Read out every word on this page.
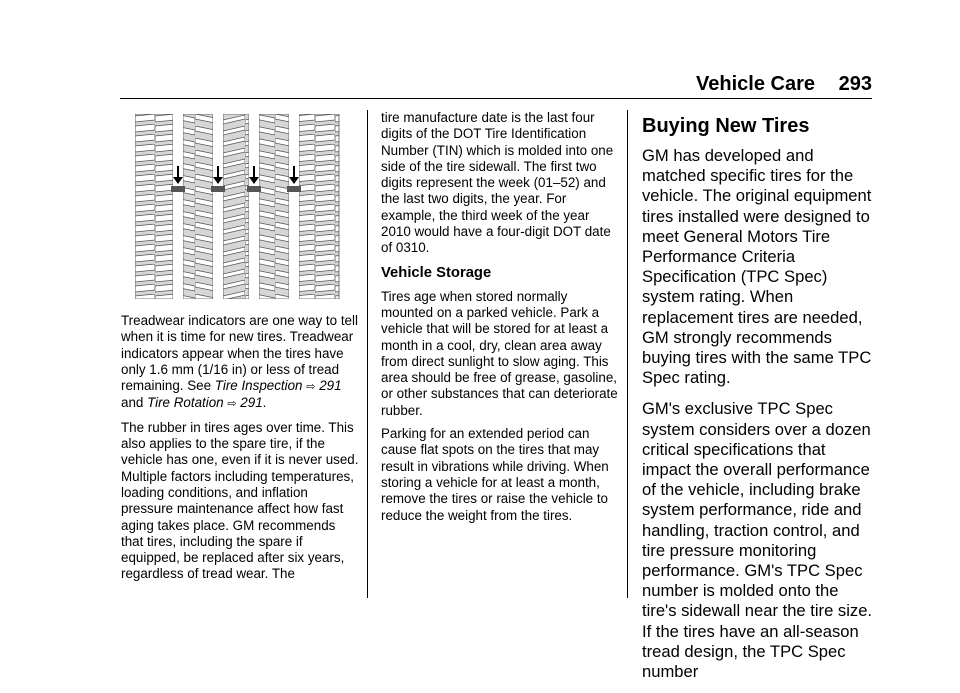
Vehicle Care 293

Treadwear indicators are one way to tell when it is time for new tires. Treadwear indicators appear when the tires have only 1.6 mm (1/16 in) or less of tread remaining. See Tire Inspection ⇨ 291 and Tire Rotation ⇨ 291.

The rubber in tires ages over time. This also applies to the spare tire, if the vehicle has one, even if it is never used. Multiple factors including temperatures, loading conditions, and inflation pressure maintenance affect how fast aging takes place. GM recommends that tires, including the spare if equipped, be replaced after six years, regardless of tread wear. The

tire manufacture date is the last four digits of the DOT Tire Identification Number (TIN) which is molded into one side of the tire sidewall. The first two digits represent the week (01–52) and the last two digits, the year. For example, the third week of the year 2010 would have a four-digit DOT date of 0310.

Vehicle Storage

Tires age when stored normally mounted on a parked vehicle. Park a vehicle that will be stored for at least a month in a cool, dry, clean area away from direct sunlight to slow aging. This area should be free of grease, gasoline, or other substances that can deteriorate rubber.

Parking for an extended period can cause flat spots on the tires that may result in vibrations while driving. When storing a vehicle for at least a month, remove the tires or raise the vehicle to reduce the weight from the tires.

Buying New Tires

GM has developed and matched specific tires for the vehicle. The original equipment tires installed were designed to meet General Motors Tire Performance Criteria Specification (TPC Spec) system rating. When replacement tires are needed, GM strongly recommends buying tires with the same TPC Spec rating.

GM's exclusive TPC Spec system considers over a dozen critical specifications that impact the overall performance of the vehicle, including brake system performance, ride and handling, traction control, and tire pressure monitoring performance. GM's TPC Spec number is molded onto the tire's sidewall near the tire size. If the tires have an all-season tread design, the TPC Spec number
